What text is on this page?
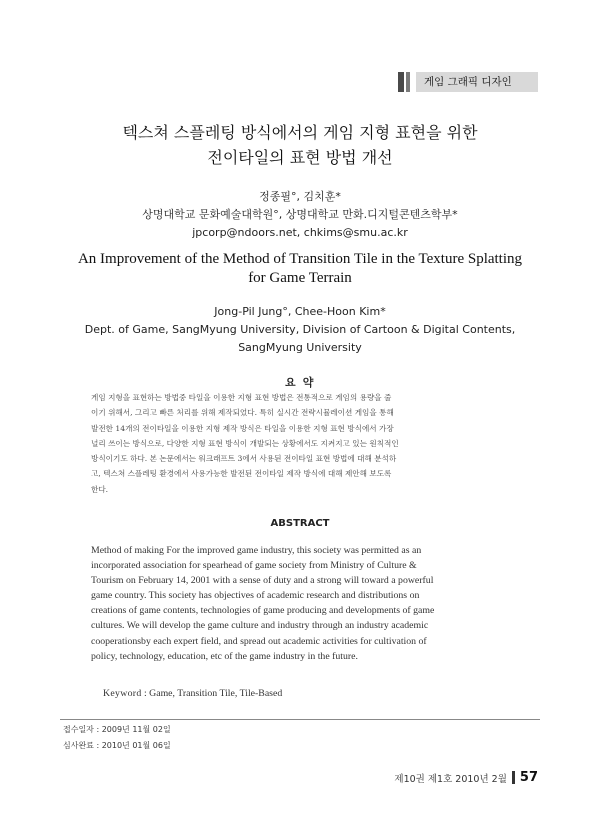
게임 그래픽 디자인
텍스쳐 스플레팅 방식에서의 게임 지형 표현을 위한
전이타일의 표현 방법 개선
정종필°, 김치훈*
상명대학교 문화예술대학원°, 상명대학교 만화.디지털콘텐츠학부*
jpcorp@ndoors.net, chkims@smu.ac.kr
An Improvement of the Method of Transition Tile in the Texture Splatting
for Game Terrain
Jong-Pil Jung°, Chee-Hoon Kim*
Dept. of Game, SangMyung University, Division of Cartoon & Digital Contents,
SangMyung University
요 약
게임 지형을 표현하는 방법중 타일을 이용한 지형 표현 방법은 전통적으로 게임의 용량을 줄
이기 위해서, 그리고 빠른 처리를 위해 제작되었다. 특히 실시간 전략시뮬레이션 게임을 통해
발전한 14개의 전이타일을 이용한 지형 제작 방식은 타일을 이용한 지형 표현 방식에서 가장
널리 쓰이는 방식으로, 다양한 지형 표현 방식이 개발되는 상황에서도 지켜지고 있는 원칙적인
방식이기도 하다. 본 논문에서는 워크래프트 3에서 사용된 전이타일 표현 방법에 대해 분석하
고, 텍스쳐 스플레팅 환경에서 사용가능한 발전된 전이타일 제작 방식에 대해 제안해 보도록
한다.
ABSTRACT
Method of making For the improved game industry, this society was permitted as an
incorporated association for spearhead of game society from Ministry of Culture &
Tourism on February 14, 2001 with a sense of duty and a strong will toward a powerful
game country. This society has objectives of academic research and distributions on
creations of game contents, technologies of game producing and developments of game
cultures. We will develop the game culture and industry through an industry academic
cooperationsby each expert field, and spread out academic activities for cultivation of
policy, technology, education, etc of the game industry in the future.
Keyword : Game, Transition Tile, Tile-Based
접수일자 : 2009년 11월 02일
심사완료 : 2010년 01월 06일
제10권 제1호 2010년 2월 57
